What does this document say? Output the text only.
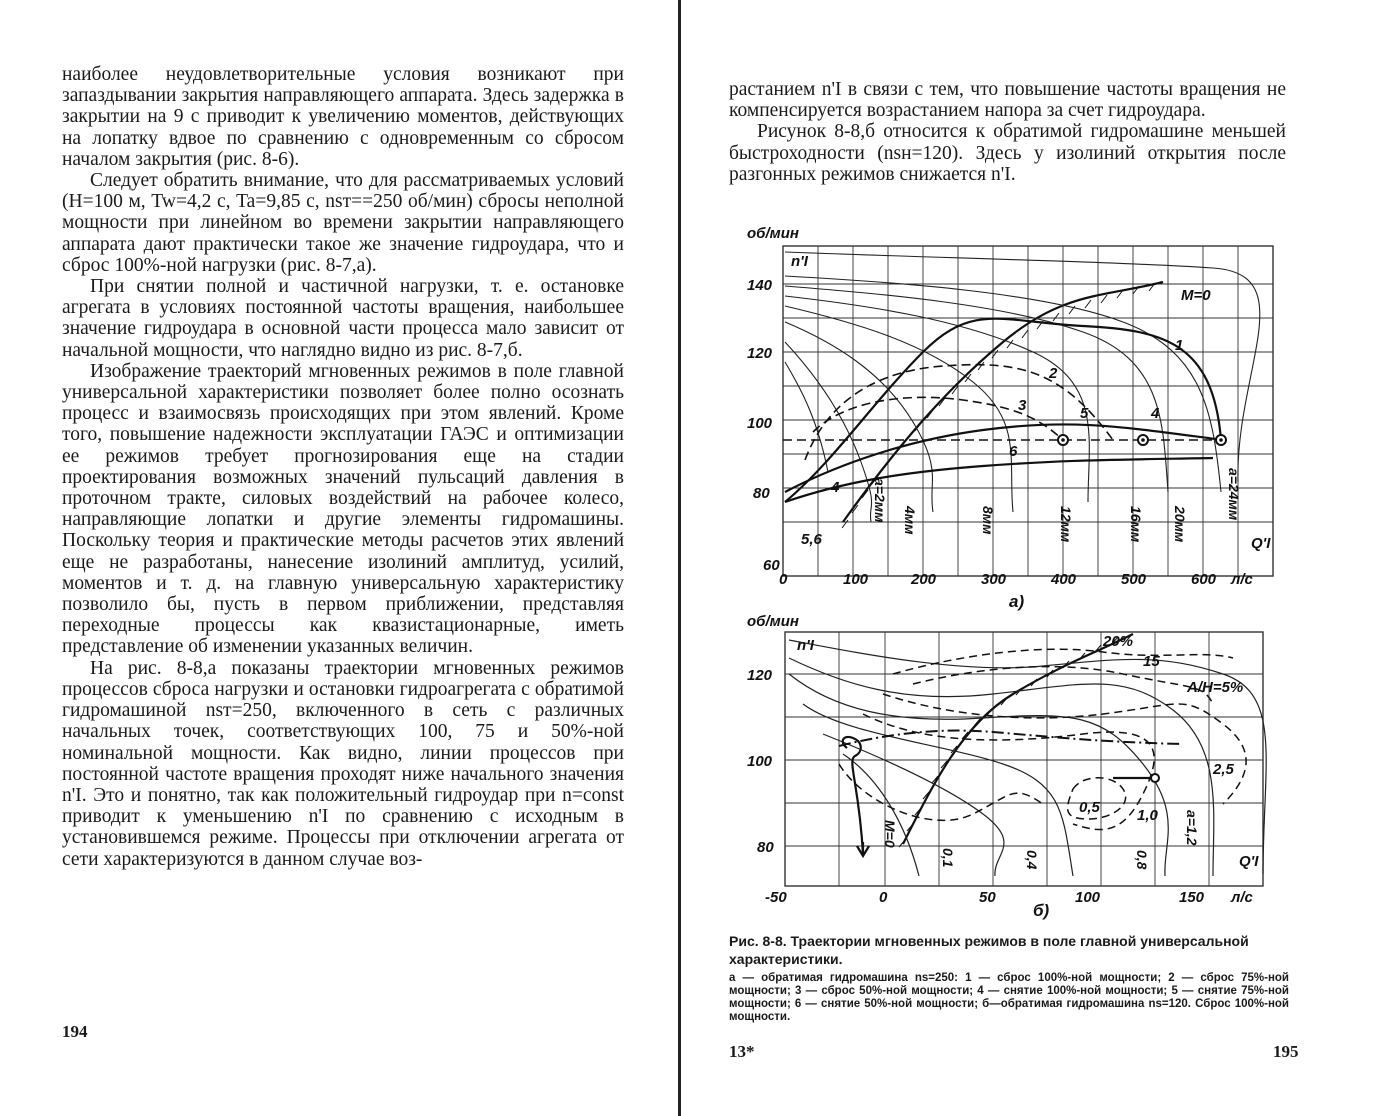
наиболее неудовлетворительные условия возникают при запаздывании закрытия направляющего аппарата. Здесь задержка в закрытии на 9 с приводит к увеличению моментов, действующих на лопатку вдвое по сравнению с одновременным со сбросом началом закрытия (рис. 8-6).

Следует обратить внимание, что для рассматриваемых условий (H=100 м, Tw=4,2 с, Ta=9,85 с, nsт==250 об/мин) сбросы неполной мощности при линейном во времени закрытии направляющего аппарата дают практически такое же значение гидроудара, что и сброс 100%-ной нагрузки (рис. 8-7,а).

При снятии полной и частичной нагрузки, т. е. остановке агрегата в условиях постоянной частоты вращения, наибольшее значение гидроудара в основной части процесса мало зависит от начальной мощности, что наглядно видно из рис. 8-7,б.

Изображение траекторий мгновенных режимов в поле главной универсальной характеристики позволяет более полно осознать процесс и взаимосвязь происходящих при этом явлений. Кроме того, повышение надежности эксплуатации ГАЭС и оптимизации ее режимов требует прогнозирования еще на стадии проектирования возможных значений пульсаций давления в проточном тракте, силовых воздействий на рабочее колесо, направляющие лопатки и другие элементы гидромашины. Поскольку теория и практические методы расчетов этих явлений еще не разработаны, нанесение изолиний амплитуд, усилий, моментов и т. д. на главную универсальную характеристику позволило бы, пусть в первом приближении, представляя переходные процессы как квазистационарные, иметь представление об изменении указанных величин.

На рис. 8-8,а показаны траектории мгновенных режимов процессов сброса нагрузки и остановки гидроагрегата с обратимой гидромашиной nsт=250, включенного в сеть с различных начальных точек, соответствующих 100, 75 и 50%-ной номинальной мощности. Как видно, линии процессов при постоянной частоте вращения проходят ниже начального значения n'I. Это и понятно, так как положительный гидроудар при n=const приводит к уменьшению n'I по сравнению с исходным в установившемся режиме. Процессы при отключении агрегата от сети характеризуются в данном случае воз-

194

растанием n'I в связи с тем, что повышение частоты вращения не компенсируется возрастанием напора за счет гидроудара.

Рисунок 8-8,б относится к обратимой гидромашине меньшей быстроходности (nsн=120). Здесь у изолиний открытия после разгонных режимов снижается n'I.

60
80
100
120
140
0	100	200	300	400	500	600 л/с
об/мин
n'I
Q'I
M=0
1
2
3	4
5
6
4
5,6
a=2мм 4мм	8мм	12мм	16мм 20мм
a=24мм
а)
80
100
120
-50	0	50	100	150 л/с
об/мин
n'I
Q'I
20%
15
A/H=5%
2,5
0,5 1,0
M=0
0,1	0,4	0,8
a=1,2
б)
Рис. 8-8. Траектории мгновенных режимов в поле главной универсальной характеристики.
а — обратимая гидромашина ns=250: 1 — сброс 100%-ной мощности; 2 — сброс 75%-ной мощности; 3 — сброс 50%-ной мощности; 4 — снятие 100%-ной мощности; 5 — снятие 75%-ной мощности; 6 — снятие 50%-ной мощности; б—обратимая гидромашина ns=120. Сброс 100%-ной мощности.
13*	195
